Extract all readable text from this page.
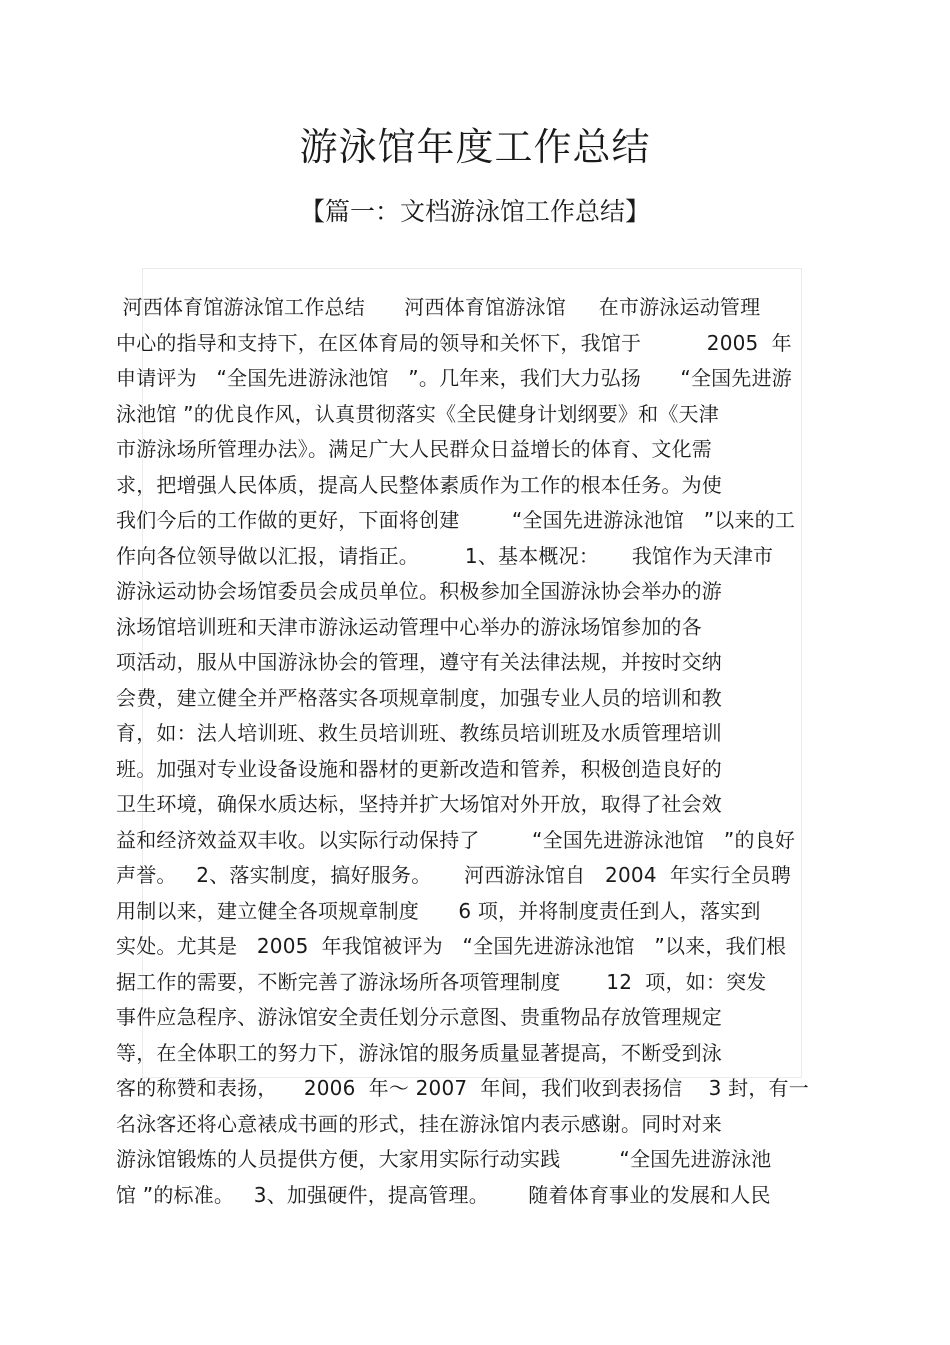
游泳馆年度工作总结
【篇一：文档游泳馆工作总结】
河西体育馆游泳馆工作总结      河西体育馆游泳馆     在市游泳运动管理
中心的指导和支持下，在区体育局的领导和关怀下，我馆于          2005  年
申请评为   “全国先进游泳池馆   ”。几年来，我们大力弘扬      “全国先进游
泳池馆 ”的优良作风，认真贯彻落实《全民健身计划纲要》和《天津
市游泳场所管理办法》。满足广大人民群众日益增长的体育、文化需
求，把增强人民体质，提高人民整体素质作为工作的根本任务。为使
我们今后的工作做的更好，下面将创建        “全国先进游泳池馆   ”以来的工
作向各位领导做以汇报，请指正。       1、基本概况：     我馆作为天津市
游泳运动协会场馆委员会成员单位。积极参加全国游泳协会举办的游
泳场馆培训班和天津市游泳运动管理中心举办的游泳场馆参加的各
项活动，服从中国游泳协会的管理，遵守有关法律法规，并按时交纳
会费，建立健全并严格落实各项规章制度，加强专业人员的培训和教
育，如：法人培训班、救生员培训班、教练员培训班及水质管理培训
班。加强对专业设备设施和器材的更新改造和管养，积极创造良好的
卫生环境，确保水质达标，坚持并扩大场馆对外开放，取得了社会效
益和经济效益双丰收。以实际行动保持了        “全国先进游泳池馆   ”的良好
声誉。   2、落实制度，搞好服务。     河西游泳馆自   2004  年实行全员聘
用制以来，建立健全各项规章制度      6 项，并将制度责任到人，落实到
实处。尤其是   2005  年我馆被评为   “全国先进游泳池馆   ”以来，我们根
据工作的需要，不断完善了游泳场所各项管理制度       12  项，如：突发
事件应急程序、游泳馆安全责任划分示意图、贵重物品存放管理规定
等，在全体职工的努力下，游泳馆的服务质量显著提高，不断受到泳
客的称赞和表扬，    2006  年～ 2007  年间，我们收到表扬信    3 封，有一
名泳客还将心意裱成书画的形式，挂在游泳馆内表示感谢。同时对来
游泳馆锻炼的人员提供方便，大家用实际行动实践         “全国先进游泳池
馆 ”的标准。   3、加强硬件，提高管理。      随着体育事业的发展和人民
